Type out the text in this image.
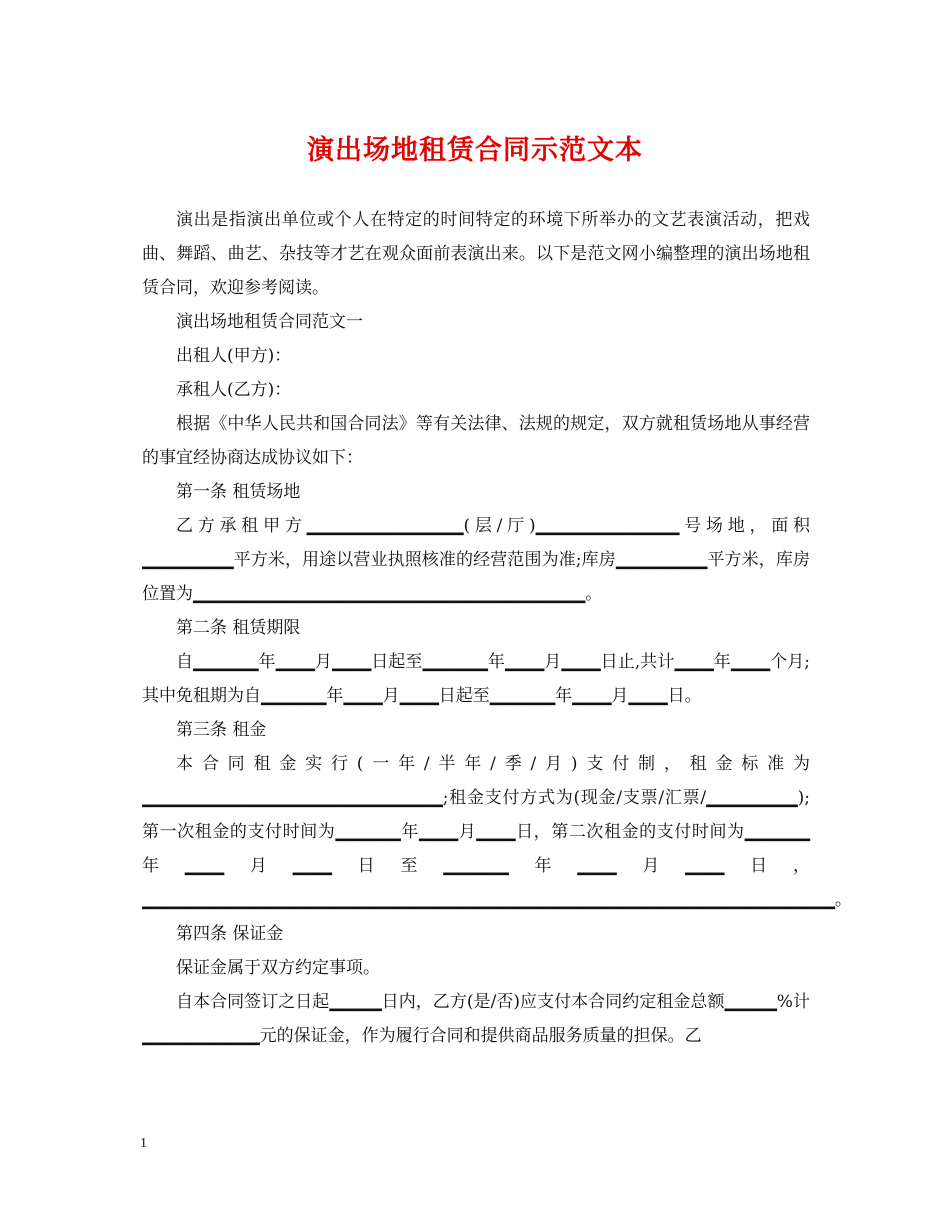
演出场地租赁合同示范文本

演出是指演出单位或个人在特定的时间特定的环境下所举办的文艺表演活动，把戏曲、舞蹈、曲艺、杂技等才艺在观众面前表演出来。以下是范文网小编整理的演出场地租赁合同，欢迎参考阅读。

演出场地租赁合同范文一

出租人(甲方)：

承租人(乙方)：

根据《中华人民共和国合同法》等有关法律、法规的规定，双方就租赁场地从事经营的事宜经协商达成协议如下：

第一条 租赁场地

乙方承租甲方▁▁▁▁▁▁▁▁▁▁▁▁(层/厅)▁▁▁▁▁▁▁▁▁▁▁号场地，面积▁▁▁▁▁▁▁平方米，用途以营业执照核准的经营范围为准;库房▁▁▁▁▁▁▁平方米，库房位置为▁▁▁▁▁▁▁▁▁▁▁▁▁▁▁▁▁▁▁▁▁▁▁▁▁▁▁▁▁▁。

第二条 租赁期限

自▁▁▁▁▁年▁▁▁月▁▁▁日起至▁▁▁▁▁年▁▁▁月▁▁▁日止,共计▁▁▁年▁▁▁个月;其中免租期为自▁▁▁▁▁年▁▁▁月▁▁▁日起至▁▁▁▁▁年▁▁▁月▁▁▁日。

第三条 租金

本合同租金实行(一年/半年/季/月)支付制，租金标准为▁▁▁▁▁▁▁▁▁▁▁▁▁▁▁▁▁▁▁▁▁▁▁;租金支付方式为(现金/支票/汇票/▁▁▁▁▁▁▁);第一次租金的支付时间为▁▁▁▁▁年▁▁▁月▁▁▁日，第二次租金的支付时间为▁▁▁▁▁年▁▁▁月▁▁▁日至▁▁▁▁▁年▁▁▁月▁▁▁日，▁▁▁▁▁▁▁▁▁▁▁▁▁▁▁▁▁▁▁▁▁▁▁▁▁▁▁▁▁▁▁▁▁▁▁▁▁▁▁▁▁▁▁▁▁▁▁▁▁▁▁▁▁。

第四条 保证金

保证金属于双方约定事项。

自本合同签订之日起▁▁▁▁日内，乙方(是/否)应支付本合同约定租金总额▁▁▁▁%计▁▁▁▁▁▁▁▁▁元的保证金，作为履行合同和提供商品服务质量的担保。乙

1
